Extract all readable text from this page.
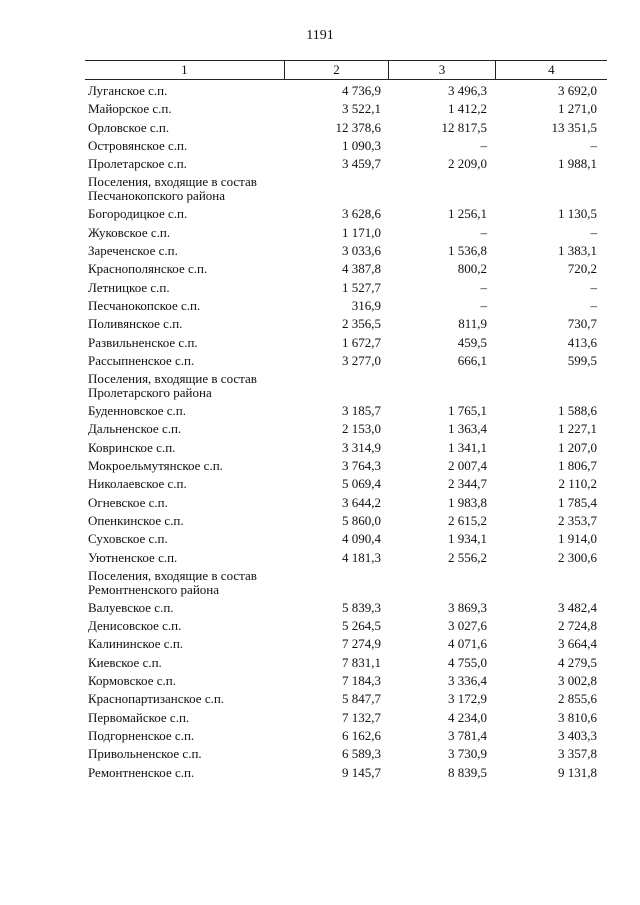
1191
1	2	3	4
Луганское с.п.	4 736,9	3 496,3	3 692,0
Майорское с.п.	3 522,1	1 412,2	1 271,0
Орловское с.п.	12 378,6	12 817,5	13 351,5
Островянское с.п.	1 090,3	–	–
Пролетарское с.п.	3 459,7	2 209,0	1 988,1
Поселения, входящие в состав Песчанокопского района
Богородицкое с.п.	3 628,6	1 256,1	1 130,5
Жуковское с.п.	1 171,0	–	–
Зареченское с.п.	3 033,6	1 536,8	1 383,1
Краснополянское с.п.	4 387,8	800,2	720,2
Летницкое с.п.	1 527,7	–	–
Песчанокопское с.п.	316,9	–	–
Поливянское с.п.	2 356,5	811,9	730,7
Развильненское с.п.	1 672,7	459,5	413,6
Рассыпненское с.п.	3 277,0	666,1	599,5
Поселения, входящие в состав Пролетарского района
Буденновское с.п.	3 185,7	1 765,1	1 588,6
Дальненское с.п.	2 153,0	1 363,4	1 227,1
Ковринское с.п.	3 314,9	1 341,1	1 207,0
Мокроельмутянское с.п.	3 764,3	2 007,4	1 806,7
Николаевское с.п.	5 069,4	2 344,7	2 110,2
Огневское с.п.	3 644,2	1 983,8	1 785,4
Опенкинское с.п.	5 860,0	2 615,2	2 353,7
Суховское с.п.	4 090,4	1 934,1	1 914,0
Уютненское с.п.	4 181,3	2 556,2	2 300,6
Поселения, входящие в состав Ремонтненского района
Валуевское с.п.	5 839,3	3 869,3	3 482,4
Денисовское с.п.	5 264,5	3 027,6	2 724,8
Калининское с.п.	7 274,9	4 071,6	3 664,4
Киевское с.п.	7 831,1	4 755,0	4 279,5
Кормовское с.п.	7 184,3	3 336,4	3 002,8
Краснопартизанское с.п.	5 847,7	3 172,9	2 855,6
Первомайское с.п.	7 132,7	4 234,0	3 810,6
Подгорненское с.п.	6 162,6	3 781,4	3 403,3
Привольненское с.п.	6 589,3	3 730,9	3 357,8
Ремонтненское с.п.	9 145,7	8 839,5	9 131,8
